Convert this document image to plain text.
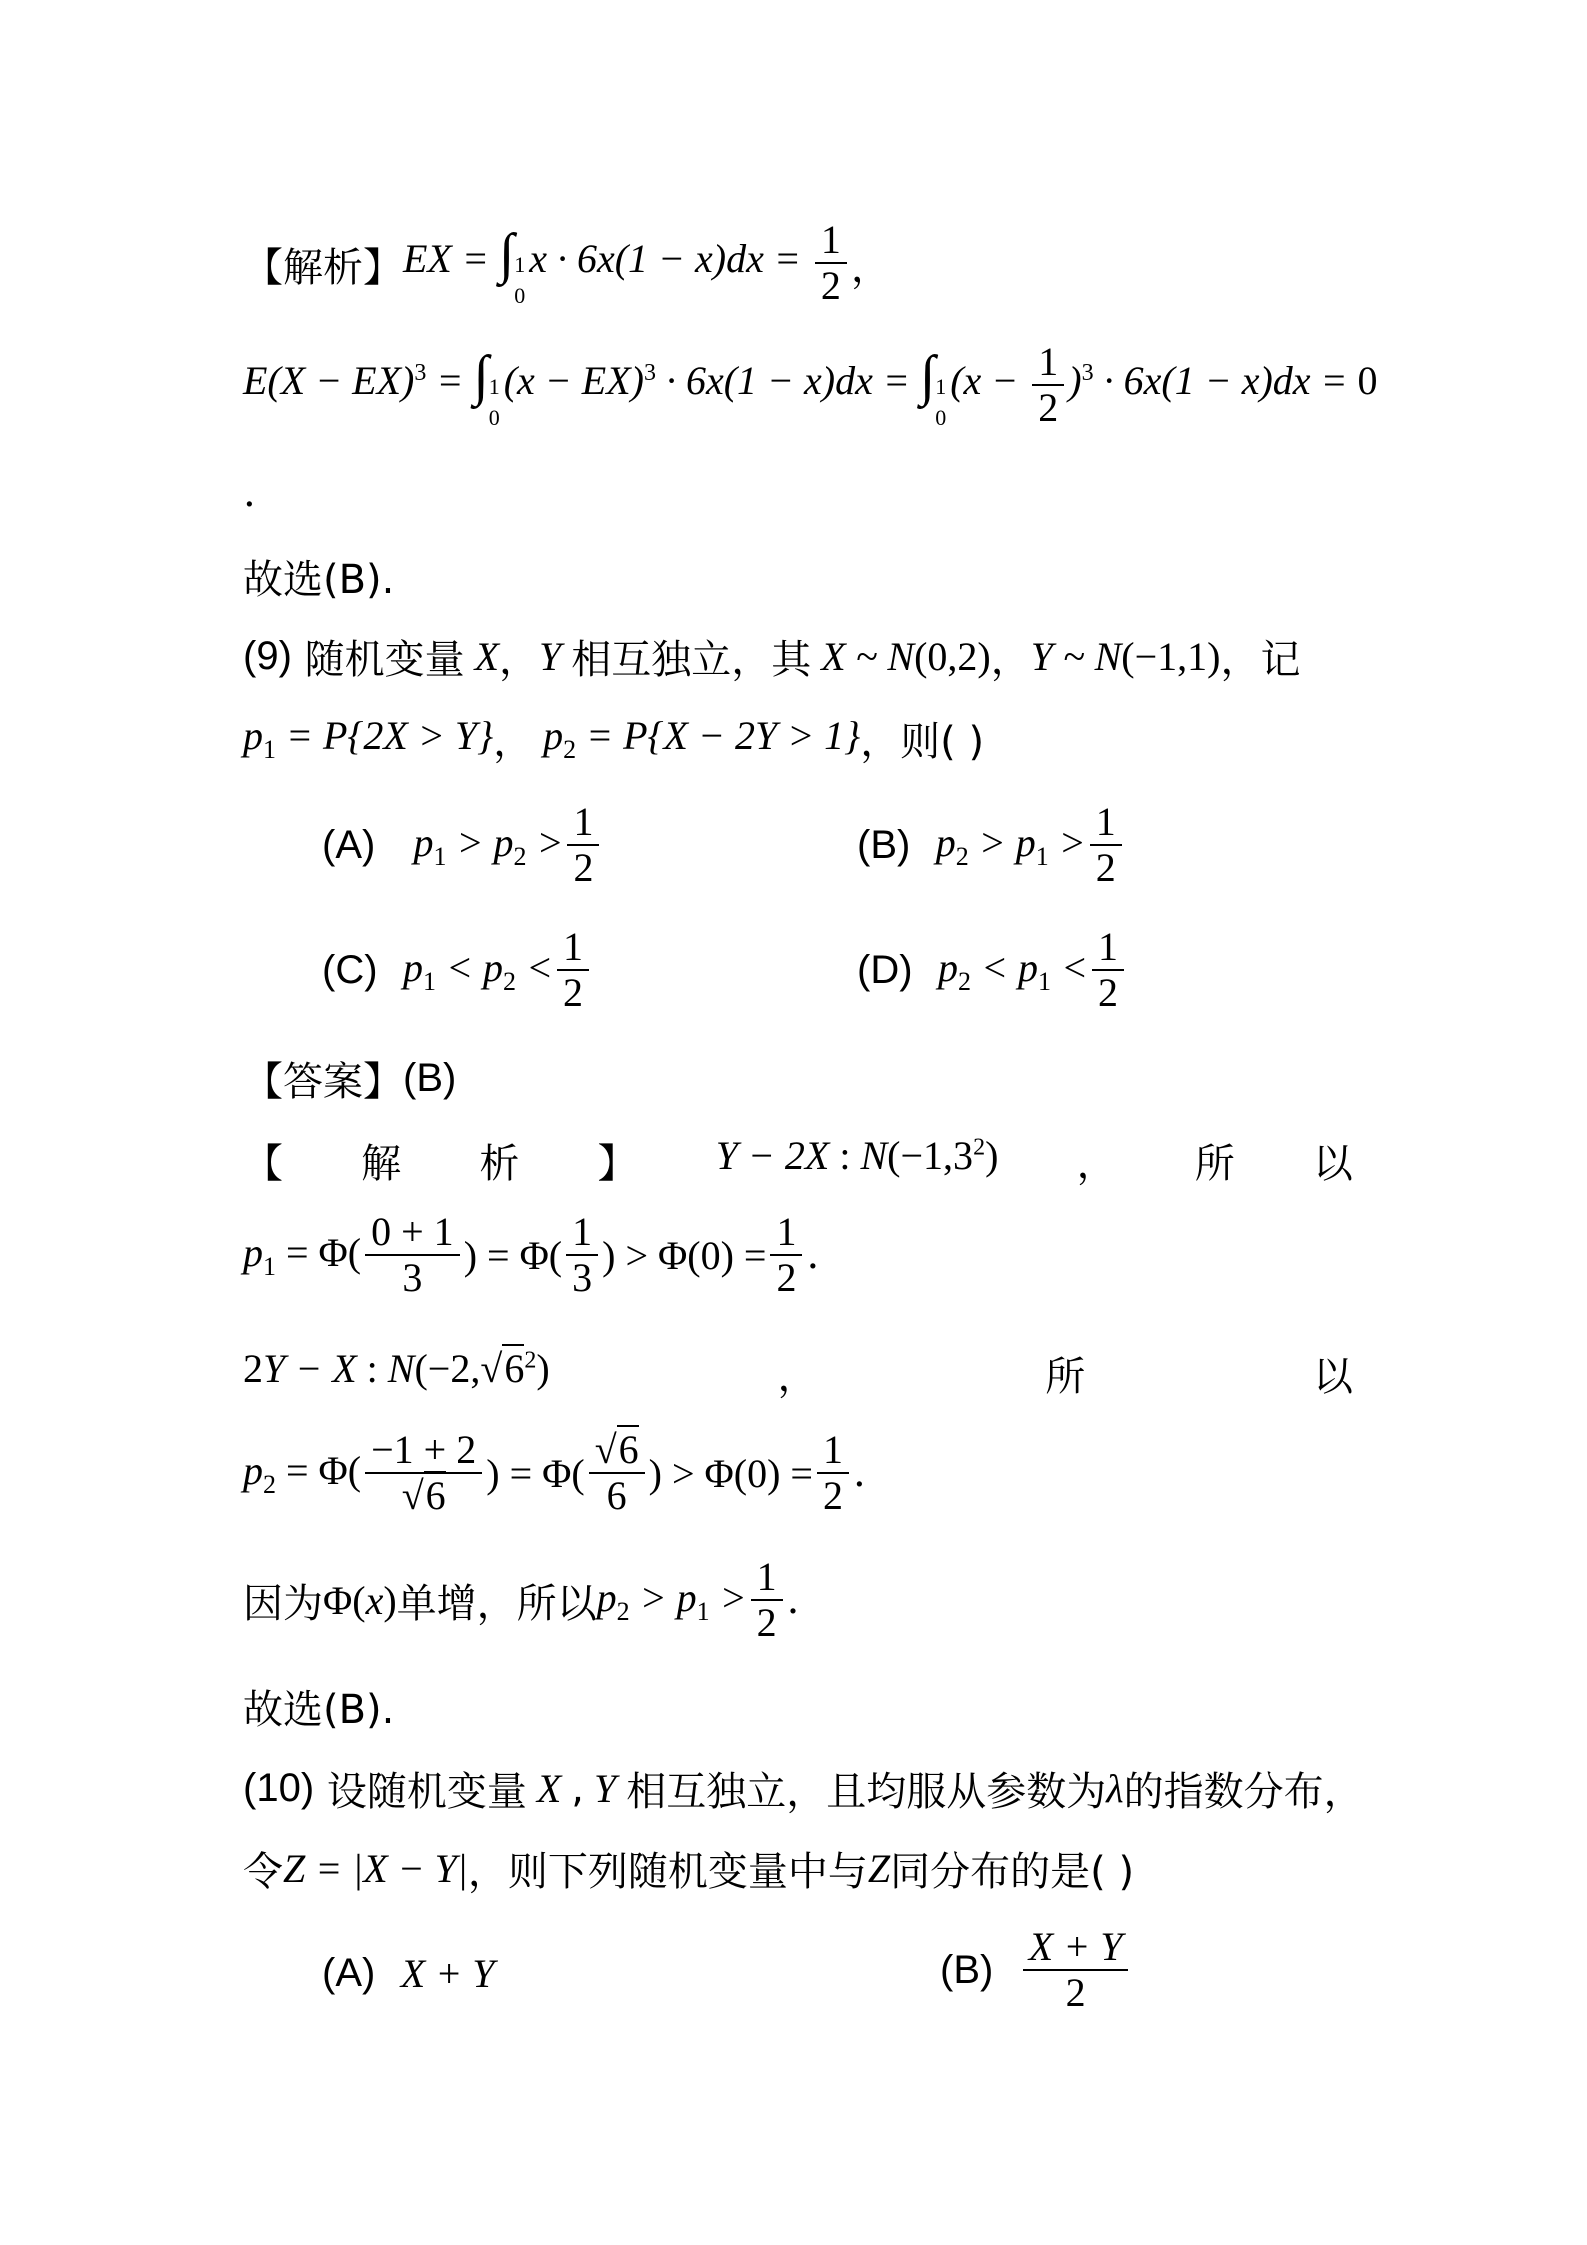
【解析】 EX = ∫ 1
0
$x \cdot 6x(1 - x)dx = \frac{1}{2}$ ，
E(X − EX)$^3$ = ∫ 1
0
(x − EX)$^3$ · 6x(1 − x)dx = ∫ 1
0
$(x - \frac{1}{2} )^3 \cdot 6x(1 - x)dx = 0$
.
故选(B).
(9)
随机变量 X ， Y 相互独立，其 X ~ N(0,2) ， Y ~ N(−1,1) ，记
$p_1 = P\{2X > Y\}$ ， $p_2 = P\{X - 2Y > 1\}$ ，则( )
(A)
$p_1 > p_2 > \frac{1}{2}$	(B)
$p_2 > p_1 > \frac{1}{2}$
(C)
$p_1 < p_2 < \frac{1}{2}$	(D)
$p_2 < p_1 < \frac{1}{2}$
【答案】 (B)
【 解 析 】 Y − 2X : $N(-1,3^2)$ ， 所 以
$p_1 = \Phi( \frac{0 + 1}{3}$ ) = $\Phi( \frac{1}{3}$ ) > $\Phi(0) = \frac{1}{2}$ .
2Y − X : $N(-2,√6^2)$	，	所	以
$p_2 = \Phi( \frac{-1 + 2}{√6}$ ) = $\Phi( \frac{√6}{6}$ ) > $\Phi(0) = \frac{1}{2}$ .
因为 Φ(x) 单增，所以 $p_2 > p_1 > \frac{1}{2}$ .
故选(B).
(10)
设随机变量 X , Y 相互独立，且均服从参数为 λ 的指数分布，
令 Z = |X − Y| ，则下列随机变量中与 Z 同分布的是( )
(A)
X + Y	(B)
$\frac{X + Y}{2}$
